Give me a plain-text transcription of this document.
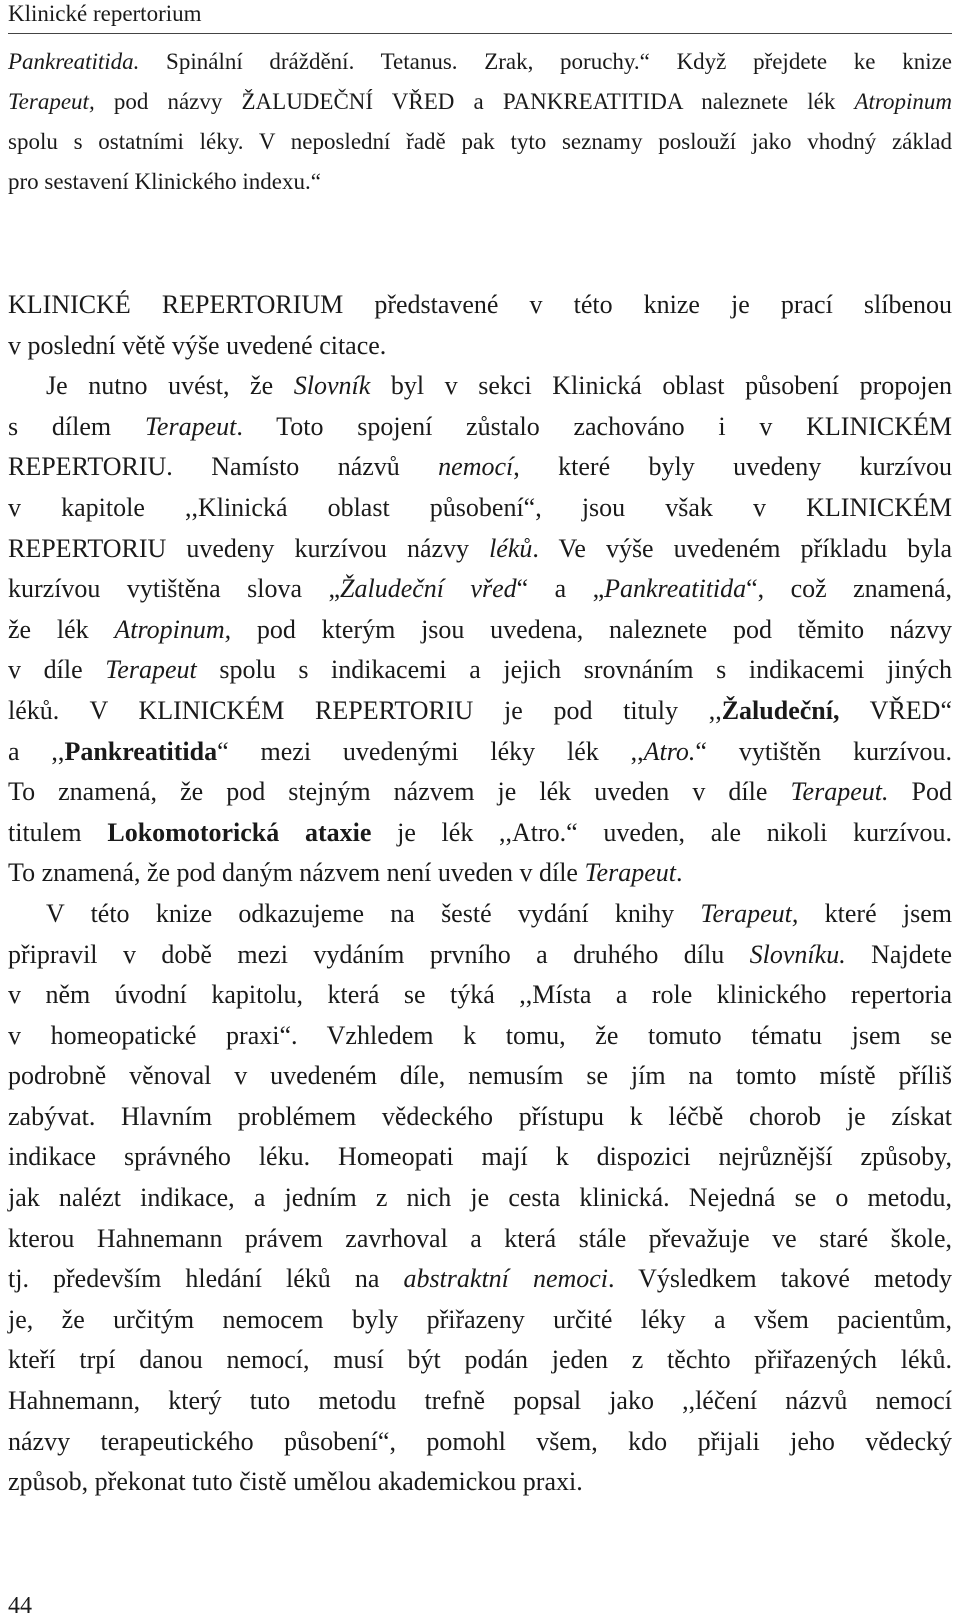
Klinické repertorium
Pankreatitida. Spinální dráždění. Tetanus. Zrak, poruchy.“ Když přejdete ke knize
Terapeut, pod názvy ŽALUDEČNÍ VŘED a PANKREATITIDA naleznete lék Atropinum
spolu s ostatními léky. V neposlední řadě pak tyto seznamy poslouží jako vhodný základ
pro sestavení Klinického indexu.“
KLINICKÉ REPERTORIUM představené v této knize je prací slíbenou
v poslední větě výše uvedené citace.
Je nutno uvést, že Slovník byl v sekci Klinická oblast působení propojen
s dílem Terapeut. Toto spojení zůstalo zachováno i v KLINICKÉM
REPERTORIU. Namísto názvů nemocí, které byly uvedeny kurzívou
v kapitole ,,Klinická oblast působení“, jsou však v KLINICKÉM
REPERTORIU uvedeny kurzívou názvy léků. Ve výše uvedeném příkladu byla
kurzívou vytištěna slova „Žaludeční vřed“ a „Pankreatitida“, což znamená,
že lék Atropinum, pod kterým jsou uvedena, naleznete pod těmito názvy
v díle Terapeut spolu s indikacemi a jejich srovnáním s indikacemi jiných
léků. V KLINICKÉM REPERTORIU je pod tituly ,,Žaludeční, VŘED“
a ,,Pankreatitida“ mezi uvedenými léky lék ,,Atro.“ vytištěn kurzívou.
To znamená, že pod stejným názvem je lék uveden v díle Terapeut. Pod
titulem Lokomotorická ataxie je lék ,,Atro.“ uveden, ale nikoli kurzívou.
To znamená, že pod daným názvem není uveden v díle Terapeut.
V této knize odkazujeme na šesté vydání knihy Terapeut, které jsem
připravil v době mezi vydáním prvního a druhého dílu Slovníku. Najdete
v něm úvodní kapitolu, která se týká ,,Místa a role klinického repertoria
v homeopatické praxi“. Vzhledem k tomu, že tomuto tématu jsem se
podrobně věnoval v uvedeném díle, nemusím se jím na tomto místě příliš
zabývat. Hlavním problémem vědeckého přístupu k léčbě chorob je získat
indikace správného léku. Homeopati mají k dispozici nejrůznější způsoby,
jak nalézt indikace, a jedním z nich je cesta klinická. Nejedná se o metodu,
kterou Hahnemann právem zavrhoval a která stále převažuje ve staré škole,
tj. především hledání léků na abstraktní nemoci. Výsledkem takové metody
je, že určitým nemocem byly přiřazeny určité léky a všem pacientům,
kteří trpí danou nemocí, musí být podán jeden z těchto přiřazených léků.
Hahnemann, který tuto metodu trefně popsal jako ,,léčení názvů nemocí
názvy terapeutického působení“, pomohl všem, kdo přijali jeho vědecký
způsob, překonat tuto čistě umělou akademickou praxi.
44
